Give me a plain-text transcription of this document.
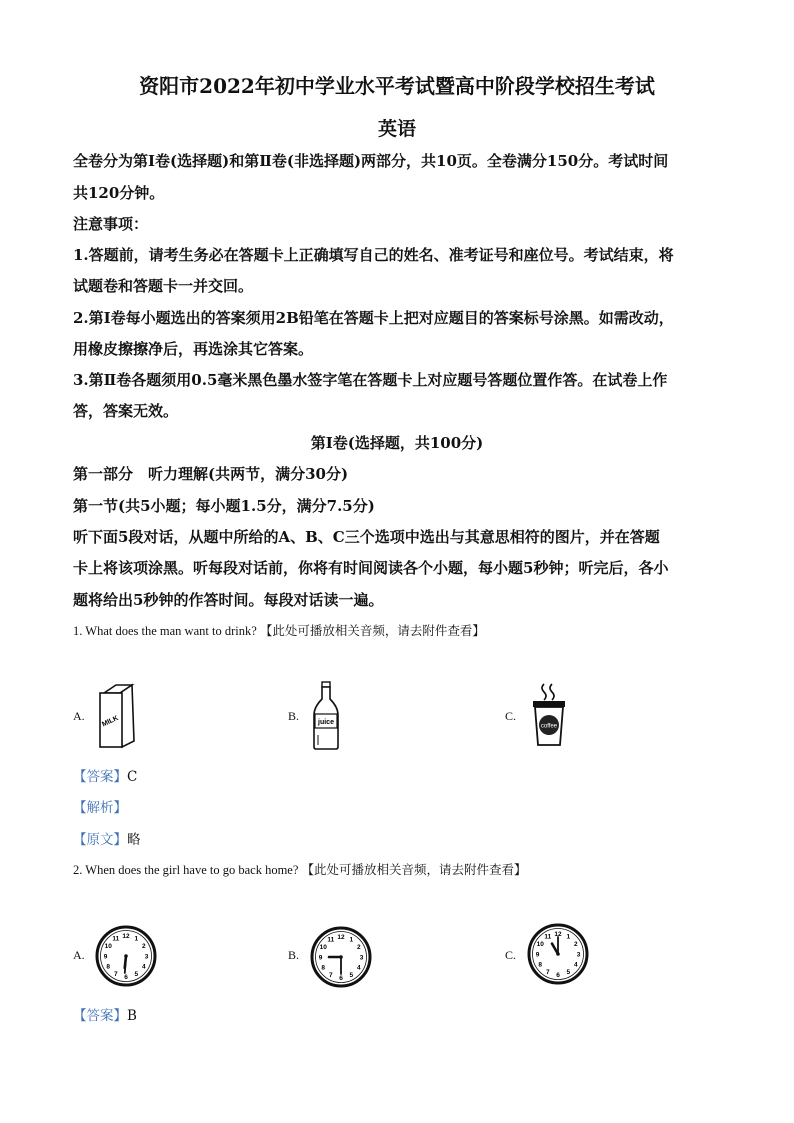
资阳市2022年初中学业水平考试暨高中阶段学校招生考试
英语
全卷分为第Ⅰ卷(选择题)和第Ⅱ卷(非选择题)两部分，共10页。全卷满分150分。考试时间
共120分钟。
注意事项：
1.答题前，请考生务必在答题卡上正确填写自己的姓名、准考证号和座位号。考试结束，将
试题卷和答题卡一并交回。
2.第Ⅰ卷每小题选出的答案须用2B铅笔在答题卡上把对应题目的答案标号涂黑。如需改动，
用橡皮擦擦净后，再选涂其它答案。
3.第Ⅱ卷各题须用0.5毫米黑色墨水签字笔在答题卡上对应题号答题位置作答。在试卷上作
答，答案无效。
第Ⅰ卷(选择题，共100分)
第一部分　听力理解(共两节，满分30分)
第一节(共5小题；每小题1.5分，满分7.5分)
听下面5段对话，从题中所给的A、B、C三个选项中选出与其意思相符的图片，并在答题
卡上将该项涂黑。听每段对话前，你将有时间阅读各个小题，每小题5秒钟；听完后，各小
题将给出5秒钟的作答时间。每段对话读一遍。
1. What does the man want to drink? 【此处可播放相关音频，请去附件查看】
A. MILK	B.	juice	C.
coffee
【答案】C
【解析】
【原文】略
2. When does the girl have to go back home? 【此处可播放相关音频，请去附件查看】
A.
12 1
2
3
4
5
6
7
8
9
10
11
B.
12 1
2
3
4
5
6
7
8
9
10
11
C.
12 1
2
3
4
5
6
7
8
9
10
11
【答案】B
